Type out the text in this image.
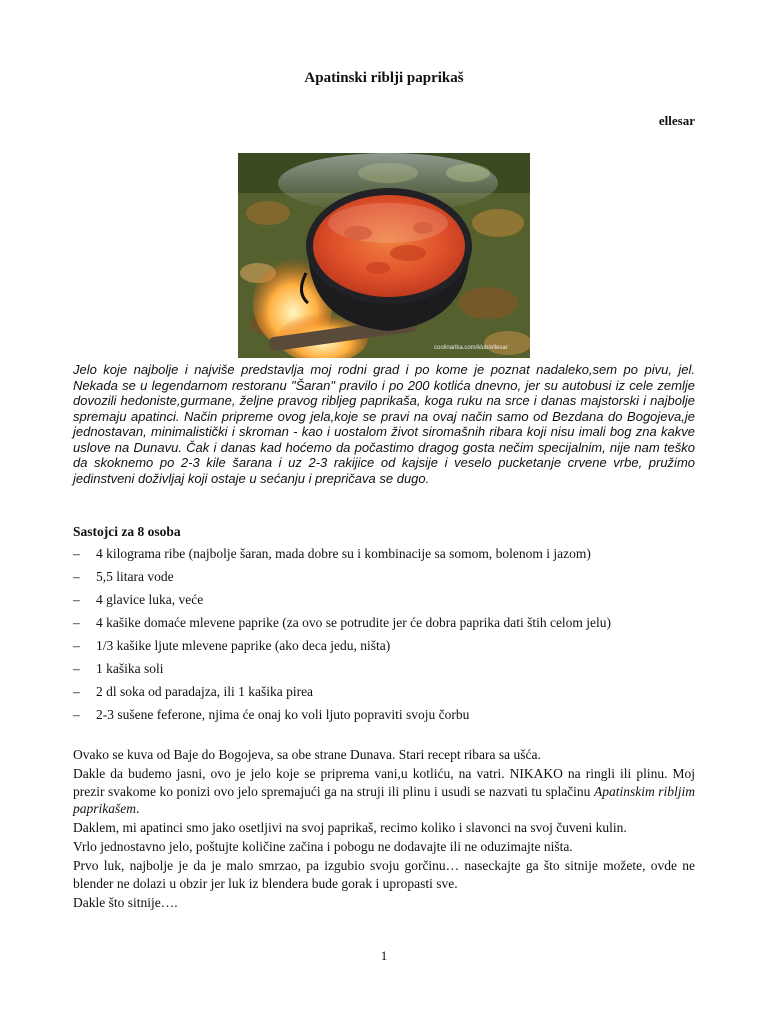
Apatinski riblji paprikaš
ellesar
coolinarika.com/klub/ellesar

Jelo koje najbolje i najviše predstavlja moj rodni grad i po kome je poznat nadaleko,sem po pivu, jel. Nekada se u legendarnom restoranu "Šaran" pravilo i po 200 kotlića dnevno, jer su autobusi iz cele zemlje dovozili hedoniste,gurmane, željne pravog ribljeg paprikaša, koga ruku na srce i danas majstorski i najbolje spremaju apatinci. Način pripreme ovog jela,koje se pravi na ovaj način samo od Bezdana do Bogojeva,je jednostavan, minimalistički i skroman - kao i uostalom život siromašnih ribara koji nisu imali bog zna kakve uslove na Dunavu. Čak i danas kad hoćemo da počastimo dragog gosta nečim specijalnim, nije nam teško da skoknemo po 2-3 kile šarana i uz 2-3 rakijice od kajsije i veselo pucketanje crvene vrbe, pružimo jedinstveni doživljaj koji ostaje u sećanju i prepričava se dugo.

Sastojci za 8 osoba
– 4 kilograma ribe (najbolje šaran, mada dobre su i kombinacije sa somom, bolenom i jazom)
– 5,5 litara vode
– 4 glavice luka, veće
– 4 kašike domaće mlevene paprike (za ovo se potrudite jer će dobra paprika dati štih celom jelu)
– 1/3 kašike ljute mlevene paprike (ako deca jedu, ništa)
– 1 kašika soli
– 2 dl soka od paradajza, ili 1 kašika pirea
– 2-3 sušene feferone, njima će onaj ko voli ljuto popraviti svoju čorbu

Ovako se kuva od Baje do Bogojeva, sa obe strane Dunava. Stari recept ribara sa ušća.

Dakle da budemo jasni, ovo je jelo koje se priprema vani,u kotliću, na vatri. NIKAKO na ringli ili plinu. Moj prezir svakome ko ponizi ovo jelo spremajući ga na struji ili plinu i usudi se nazvati tu splačinu Apatinskim ribljim paprikašem.

Daklem, mi apatinci smo jako osetljivi na svoj paprikaš, recimo koliko i slavonci na svoj čuveni kulin.

Vrlo jednostavno jelo, poštujte količine začina i pobogu ne dodavajte ili ne oduzimajte ništa.

Prvo luk, najbolje je da je malo smrzao, pa izgubio svoju gorčinu… naseckajte ga što sitnije možete, ovde ne blender ne dolazi u obzir jer luk iz blendera bude gorak i upropasti sve.

Dakle što sitnije….

1
